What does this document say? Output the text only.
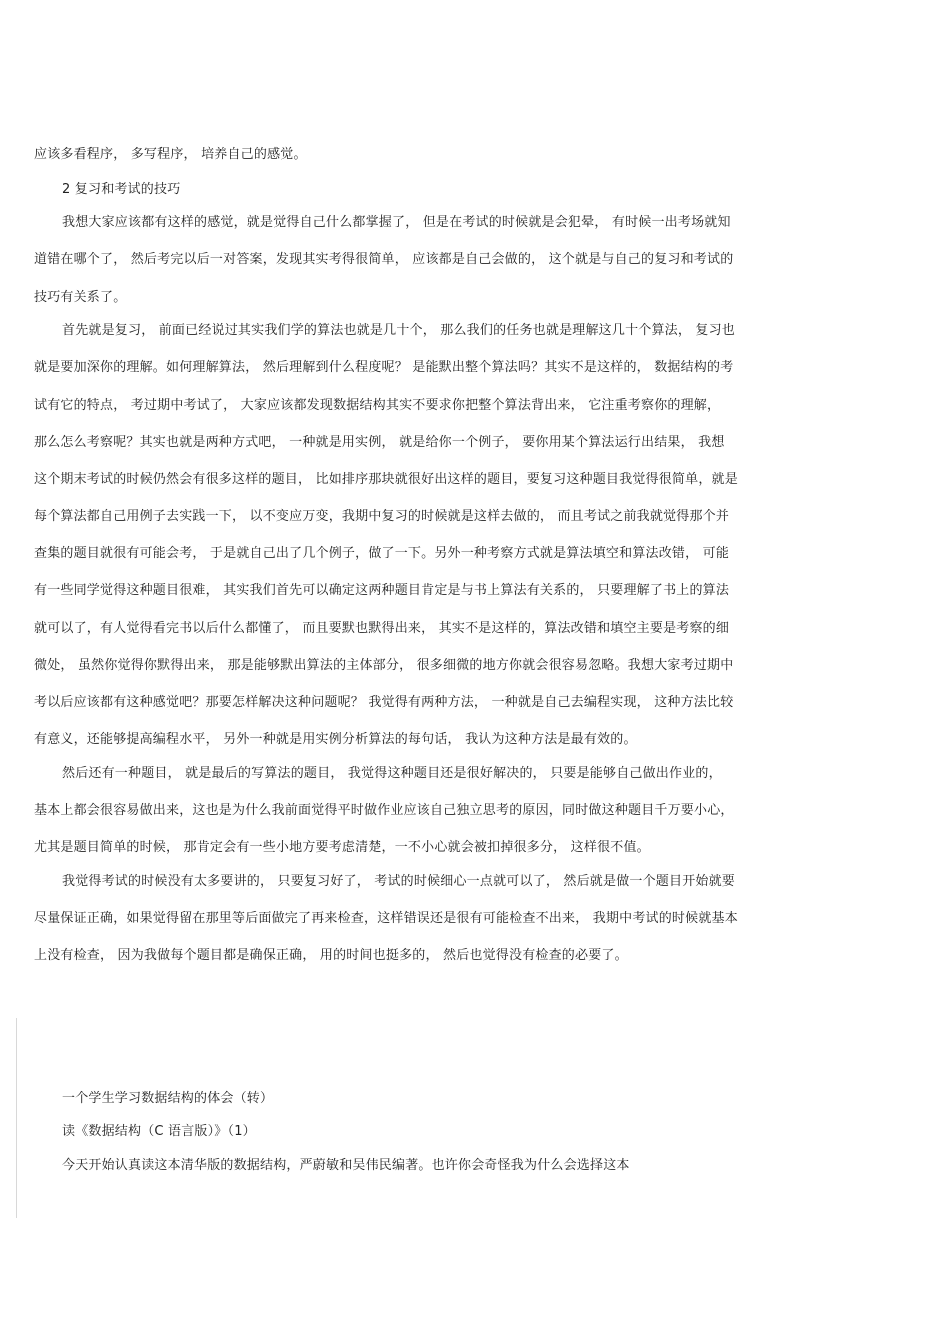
应该多看程序， 多写程序， 培养自己的感觉。
2 复习和考试的技巧
我想大家应该都有这样的感觉，就是觉得自己什么都掌握了， 但是在考试的时候就是会犯晕， 有时候一出考场就知
道错在哪个了， 然后考完以后一对答案，发现其实考得很简单， 应该都是自己会做的， 这个就是与自己的复习和考试的
技巧有关系了。
首先就是复习， 前面已经说过其实我们学的算法也就是几十个， 那么我们的任务也就是理解这几十个算法， 复习也
就是要加深你的理解。如何理解算法， 然后理解到什么程度呢？ 是能默出整个算法吗？其实不是这样的， 数据结构的考
试有它的特点， 考过期中考试了， 大家应该都发现数据结构其实不要求你把整个算法背出来， 它注重考察你的理解，
那么怎么考察呢？其实也就是两种方式吧， 一种就是用实例， 就是给你一个例子， 要你用某个算法运行出结果， 我想
这个期末考试的时候仍然会有很多这样的题目， 比如排序那块就很好出这样的题目，要复习这种题目我觉得很简单，就是
每个算法都自己用例子去实践一下， 以不变应万变，我期中复习的时候就是这样去做的， 而且考试之前我就觉得那个并
查集的题目就很有可能会考， 于是就自己出了几个例子，做了一下。另外一种考察方式就是算法填空和算法改错， 可能
有一些同学觉得这种题目很难， 其实我们首先可以确定这两种题目肯定是与书上算法有关系的， 只要理解了书上的算法
就可以了，有人觉得看完书以后什么都懂了， 而且要默也默得出来， 其实不是这样的，算法改错和填空主要是考察的细
微处， 虽然你觉得你默得出来， 那是能够默出算法的主体部分， 很多细微的地方你就会很容易忽略。我想大家考过期中
考以后应该都有这种感觉吧？那要怎样解决这种问题呢？ 我觉得有两种方法， 一种就是自己去编程实现， 这种方法比较
有意义，还能够提高编程水平， 另外一种就是用实例分析算法的每句话， 我认为这种方法是最有效的。
然后还有一种题目， 就是最后的写算法的题目， 我觉得这种题目还是很好解决的， 只要是能够自己做出作业的，
基本上都会很容易做出来，这也是为什么我前面觉得平时做作业应该自己独立思考的原因，同时做这种题目千万要小心，
尤其是题目简单的时候， 那肯定会有一些小地方要考虑清楚，一不小心就会被扣掉很多分， 这样很不值。
我觉得考试的时候没有太多要讲的， 只要复习好了， 考试的时候细心一点就可以了， 然后就是做一个题目开始就要
尽量保证正确，如果觉得留在那里等后面做完了再来检查，这样错误还是很有可能检查不出来， 我期中考试的时候就基本
上没有检查， 因为我做每个题目都是确保正确， 用的时间也挺多的， 然后也觉得没有检查的必要了。
一个学生学习数据结构的体会（转）
读《数据结构（C 语言版）》（1）
今天开始认真读这本清华版的数据结构，严蔚敏和吴伟民编著。也许你会奇怪我为什么会选择这本
